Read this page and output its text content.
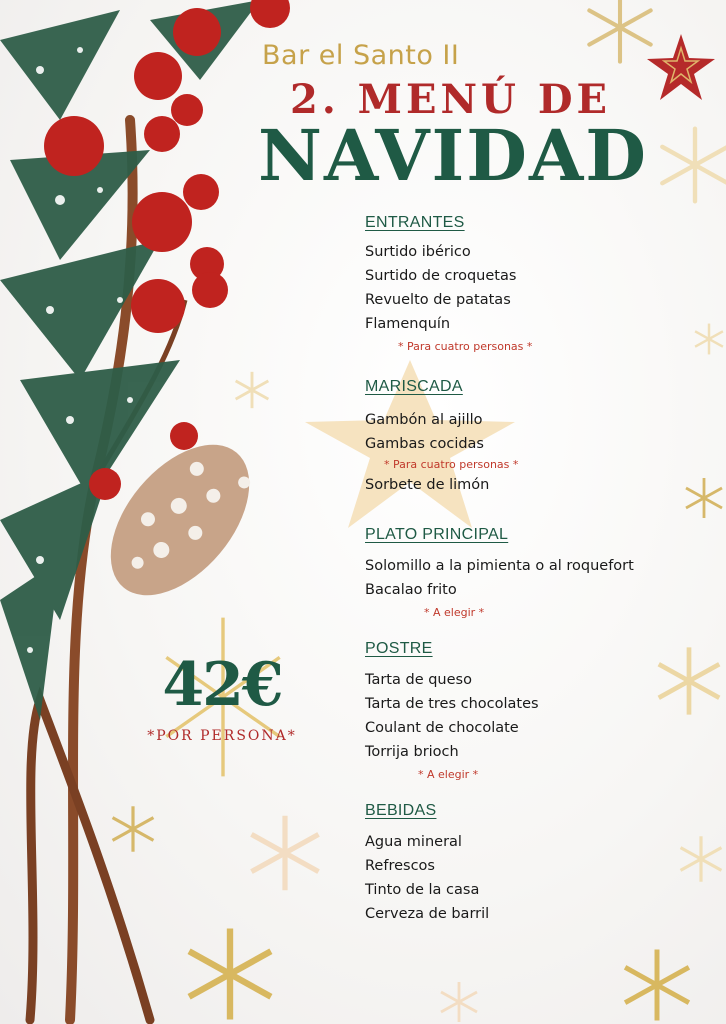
Bar el Santo II
2. MENÚ DE
NAVIDAD
42€
*POR PERSONA*
ENTRANTES
Surtido ibérico
Surtido de croquetas
Revuelto de patatas
Flamenquín
* Para cuatro personas *
MARISCADA
Gambón al ajillo
Gambas cocidas
* Para cuatro personas *
Sorbete de limón
PLATO PRINCIPAL
Solomillo a la pimienta o al roquefort
Bacalao frito
* A elegir *
POSTRE
Tarta de queso
Tarta de tres chocolates
Coulant de chocolate
Torrija brioch
* A elegir *
BEBIDAS
Agua mineral
Refrescos
Tinto de la casa
Cerveza de barril
